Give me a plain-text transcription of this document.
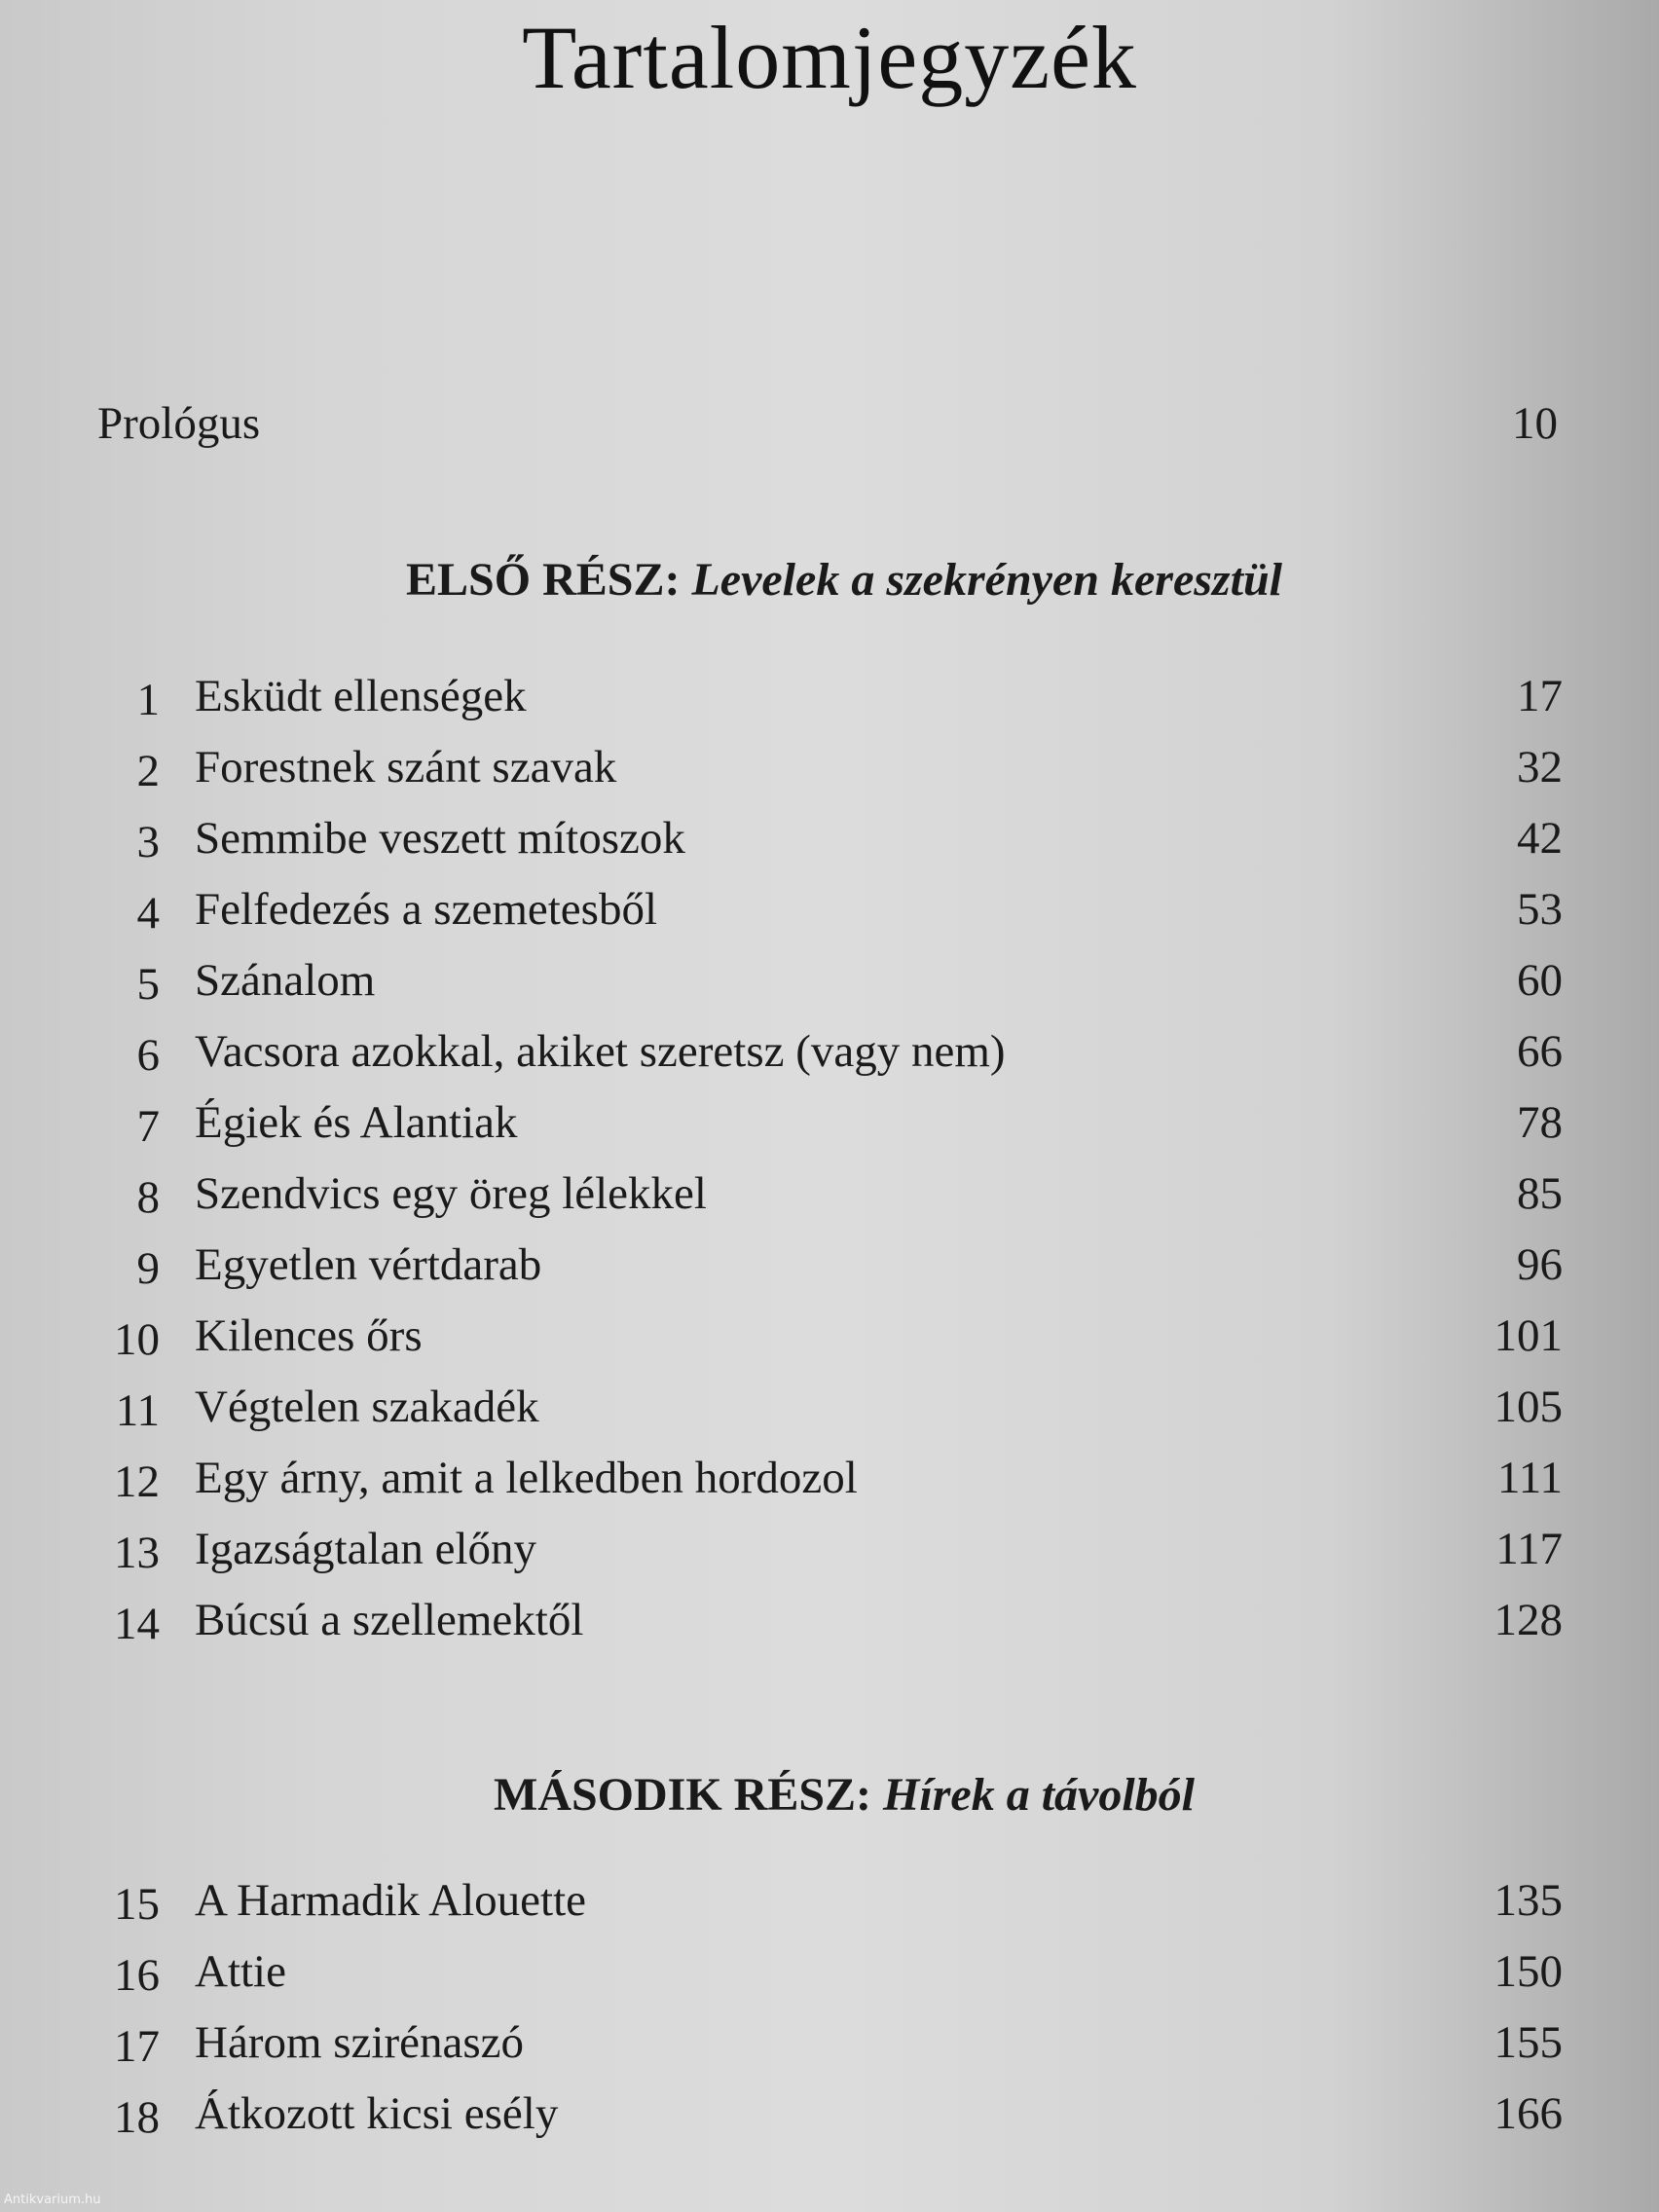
Tartalomjegyzék
Prológus	10
ELSŐ RÉSZ: Levelek a szekrényen keresztül
1 Esküdt ellenségek	17
2 Forestnek szánt szavak	32
3 Semmibe veszett mítoszok	42
4 Felfedezés a szemetesből	53
5 Szánalom	60
6 Vacsora azokkal, akiket szeretsz (vagy nem)	66
7 Égiek és Alantiak	78
8 Szendvics egy öreg lélekkel	85
9 Egyetlen vértdarab	96
10 Kilences őrs	101
11 Végtelen szakadék	105
12 Egy árny, amit a lelkedben hordozol	111
13 Igazságtalan előny	117
14 Búcsú a szellemektől	128
MÁSODIK RÉSZ: Hírek a távolból
15 A Harmadik Alouette	135
16 Attie	150
17 Három szirénaszó	155
18 Átkozott kicsi esély	166
Antikvarium.hu
